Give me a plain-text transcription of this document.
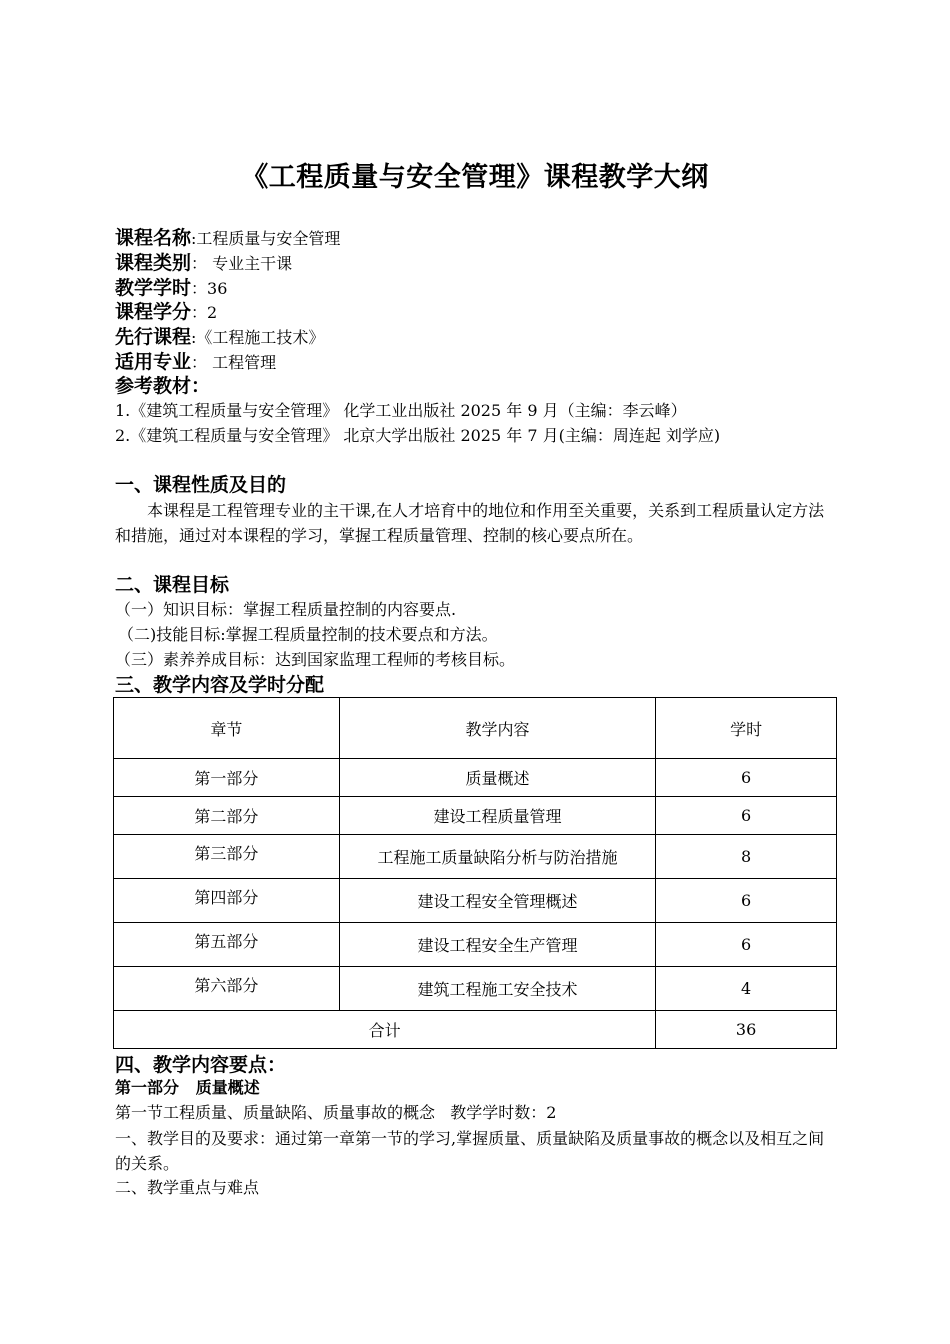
《工程质量与安全管理》课程教学大纲
课程名称:工程质量与安全管理
课程类别： 专业主干课
教学学时：36
课程学分：2
先行课程:《工程施工技术》
适用专业： 工程管理
参考教材：
1.《建筑工程质量与安全管理》 化学工业出版社 2025 年 9 月（主编：李云峰）
2.《建筑工程质量与安全管理》 北京大学出版社 2025 年 7 月(主编：周连起 刘学应)
一、课程性质及目的
本课程是工程管理专业的主干课,在人才培育中的地位和作用至关重要，关系到工程质量认定方法和措施，通过对本课程的学习，掌握工程质量管理、控制的核心要点所在。
二、课程目标
（一）知识目标：掌握工程质量控制的内容要点.
（二)技能目标:掌握工程质量控制的技术要点和方法。
（三）素养养成目标：达到国家监理工程师的考核目标。
三、教学内容及学时分配
章节	教学内容	学时
第一部分	质量概述	6
第二部分	建设工程质量管理	6
第三部分	工程施工质量缺陷分析与防治措施	8
第四部分	建设工程安全管理概述	6
第五部分	建设工程安全生产管理	6
第六部分	建筑工程施工安全技术	4
合计		36
四、教学内容要点：
第一部分   质量概述
第一节工程质量、质量缺陷、质量事故的概念   教学学时数：2
一、教学目的及要求：通过第一章第一节的学习,掌握质量、质量缺陷及质量事故的概念以及相互之间的关系。
二、教学重点与难点
